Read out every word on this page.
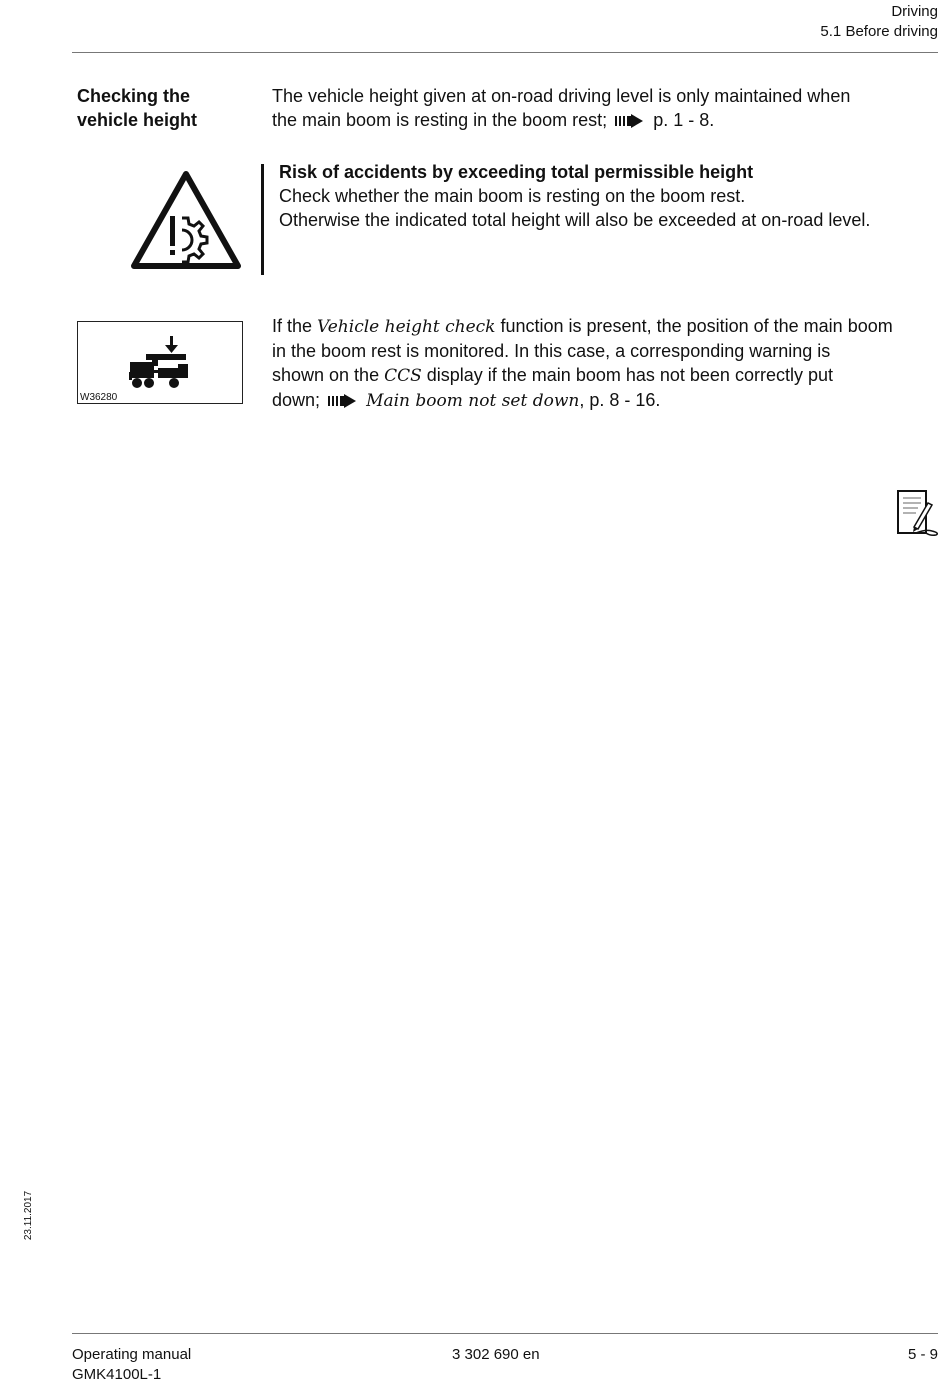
Driving
5.1 Before driving
Checking the
vehicle height
The vehicle height given at on-road driving level is only maintained when
the main boom is resting in the boom rest;	p. 1 - 8.
Risk of accidents by exceeding total permissible height
Check whether the main boom is resting on the boom rest.
Otherwise the indicated total height will also be exceeded at on-road level.
W36280
If the Vehicle height check function is present, the position of the main boom
in the boom rest is monitored. In this case, a corresponding warning is
shown on the CCS display if the main boom has not been correctly put
down;	Main boom not set down, p. 8 - 16.
23.11.2017
Operating manual
GMK4100L-1
3 302 690 en	5 - 9
